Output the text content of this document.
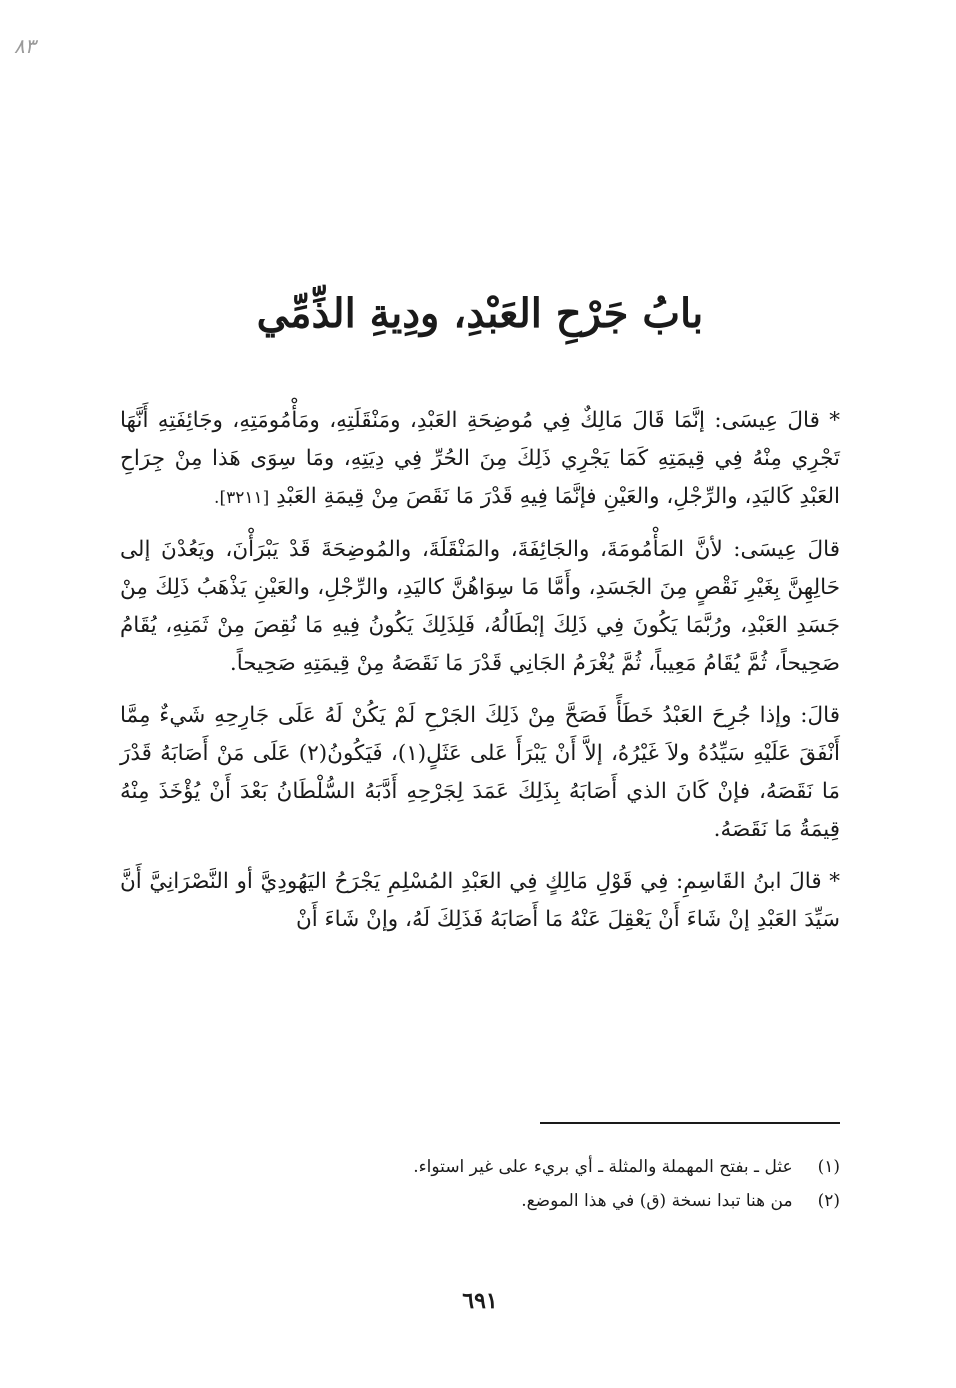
٨٣
بابُ جَرْحِ العَبْدِ، ودِيةِ الذِّمِّي

* قالَ عِيسَى: إنَّمَا قَالَ مَالِكٌ فِي مُوضِحَةِ العَبْدِ، ومَنْقَلَتِهِ، ومَأْمُومَتِهِ، وجَائِفَتِهِ أَنَّهَا تَجْرِي مِنْهُ فِي قِيمَتِهِ كَمَا يَجْرِي ذَلِكَ مِنَ الحُرِّ فِي دِيَتِهِ، ومَا سِوَى هَذا مِنْ جِرَاحِ العَبْدِ كَاليَدِ، والرِّجْلِ، والعَيْنِ فإنَّمَا فِيهِ قَدْرَ مَا نَقَصَ مِنْ قِيمَةِ العَبْدِ [٣٢١١].

قالَ عِيسَى: لأنَّ المَأْمُومَةَ، والجَائِفَةَ، والمَنْقَلَةَ، والمُوضِحَةَ قَدْ يَبْرَأْنَ، ويَعُدْنَ إلى حَالِهِنَّ بِغَيْرِ نَقْصٍ مِنَ الجَسَدِ، وأَمَّا مَا سِوَاهُنَّ كاليَدِ، والرِّجْلِ، والعَيْنِ يَذْهَبُ ذَلِكَ مِنْ جَسَدِ العَبْدِ، ورُبَّمَا يَكُونَ فِي ذَلِكَ إبْطَالُهُ، فَلِذَلِكَ يَكُونُ فِيهِ مَا نُقِصَ مِنْ ثَمَنِهِ، يُقَامُ صَحِيحاً، ثُمَّ يُقَامُ مَعِيباً، ثُمَّ يُغْرَمُ الجَانِي قَدْرَ مَا نَقَصَهُ مِنْ قِيمَتِهِ صَحِيحاً.

قالَ: وإذا جُرِحَ العَبْدُ خَطَأً فَصَحَّ مِنْ ذَلِكَ الجَرْحِ لَمْ يَكُنْ لَهُ عَلَى جَارِحِهِ شَيءٌ مِمَّا أَنْفَقَ عَلَيْهِ سَيِّدُهُ ولاَ غَيْرُهُ، إلاَّ أَنْ يَبْرَأَ عَلى عَثَلٍ(١)، فَيَكُونُ(٢) عَلَى مَنْ أَصَابَهُ قَدْرَ مَا نَقَصَهُ، فإنْ كَانَ الذي أَصَابَهُ بِذَلِكَ عَمَدَ لِجَرْحِهِ أَدَّبَهُ السُّلْطَانُ بَعْدَ أَنْ يُؤْخَذَ مِنْهُ قِيمَةُ مَا نَقَصَهُ.

* قالَ ابنُ القَاسِمِ: فِي قَوْلِ مَالِكٍ فِي العَبْدِ المُسْلِمِ يَجْرَحُ اليَهُودِيَّ أو النَّصْرَانِيَّ أَنَّ سَيِّدَ العَبْدِ إنْ شَاءَ أَنْ يَعْقِلَ عَنْهُ مَا أَصَابَهُ فَذَلِكَ لَهُ، وإنْ شَاءَ أَنْ

(١) عثل ـ بفتح المهملة والمثلة ـ أي بريء على غير استواء.
(٢) من هنا تبدا نسخة (ق) في هذا الموضع.
٦٩١
